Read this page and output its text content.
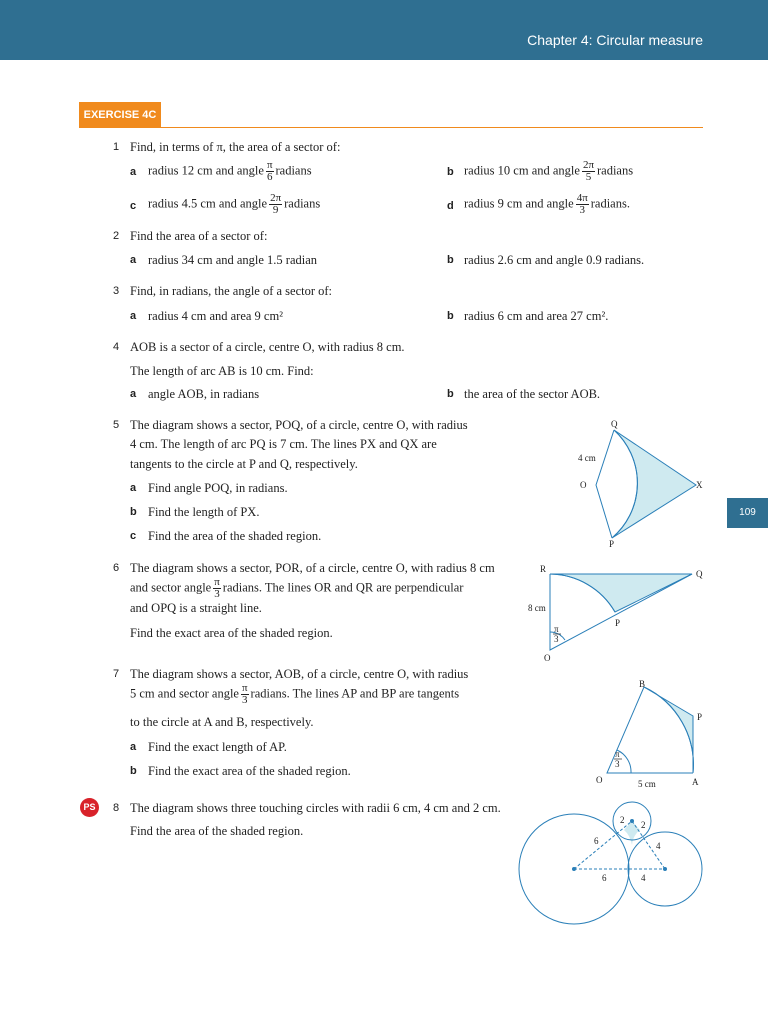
Chapter 4: Circular measure
EXERCISE 4C
109
1 Find, in terms of π, the area of a sector of:
a radius 12 cm and angle $\frac{\pi}{6}$ radians	b radius 10 cm and angle $\frac{2\pi}{5}$ radians
c radius 4.5 cm and angle $\frac{2\pi}{9}$ radians	d radius 9 cm and angle $\frac{4\pi}{3}$ radians.
2 Find the area of a sector of:
a radius 34 cm and angle 1.5 radian	b radius 2.6 cm and angle 0.9 radians.
3 Find, in radians, the angle of a sector of:
a radius 4 cm and area 9 cm²	b radius 6 cm and area 27 cm².
4 AOB is a sector of a circle, centre O, with radius 8 cm.
The length of arc AB is 10 cm. Find:
a angle AOB, in radians	b the area of the sector AOB.
5 The diagram shows a sector, POQ, of a circle, centre O, with radius
4 cm. The length of arc PQ is 7 cm. The lines PX and QX are
tangents to the circle at P and Q, respectively.
a Find angle POQ, in radians.
b Find the length of PX.
c Find the area of the shaded region.
Q
O	X
P
4 cm
6 The diagram shows a sector, POR, of a circle, centre O, with radius 8 cm
and sector angle $\frac{\pi}{3}$ radians. The lines OR and QR are perpendicular
and OPQ is a straight line.
Find the exact area of the shaded region.
R	Q
P
O
8 cm
π
3
7 The diagram shows a sector, AOB, of a circle, centre O, with radius
5 cm and sector angle $\frac{\pi}{3}$ radians. The lines AP and BP are tangents
to the circle at A and B, respectively.
a Find the exact length of AP.
b Find the exact area of the shaded region.
B
P
O	A
5 cm
π
3
PS	8 The diagram shows three touching circles with radii 6 cm, 4 cm and 2 cm.
Find the area of the shaded region.
6
6
4
4
2 2
